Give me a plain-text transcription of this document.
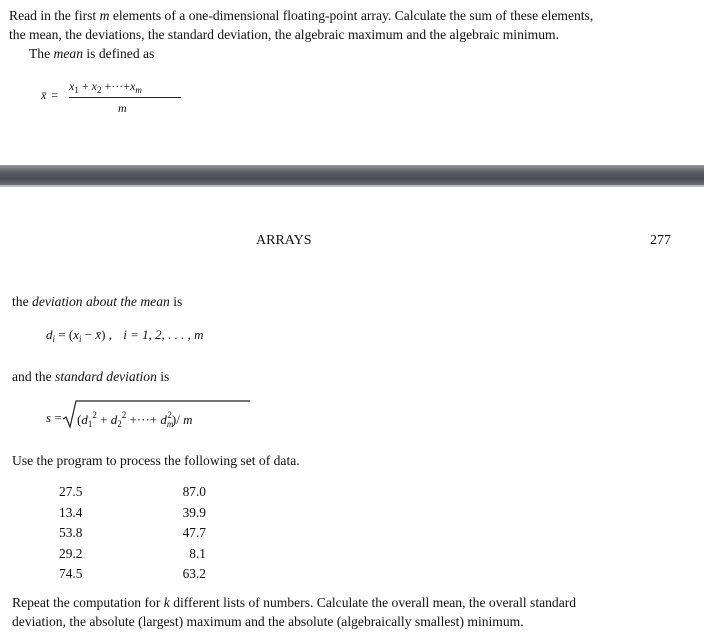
Read in the first m elements of a one-dimensional floating-point array. Calculate the sum of these elements,
the mean, the deviations, the standard deviation, the algebraic maximum and the algebraic minimum.
The mean is defined as
x̄ =
$x_1 + x_2 +\cdot\cdot\cdot+x_m$
m
ARRAYS	277
the deviation about the mean is
$d_i = (x_i$ − x̄) , i = 1, 2, . . . , m
and the standard deviation is
$s = (d_1^2 + d_2^2$ +···+ $d_m^2)/$ m
Use the program to process the following set of data.
27.5
13.4
53.8
29.2
74.5
87.0
39.9
47.7
8.1
63.2
Repeat the computation for k different lists of numbers. Calculate the overall mean, the overall standard
deviation, the absolute (largest) maximum and the absolute (algebraically smallest) minimum.
